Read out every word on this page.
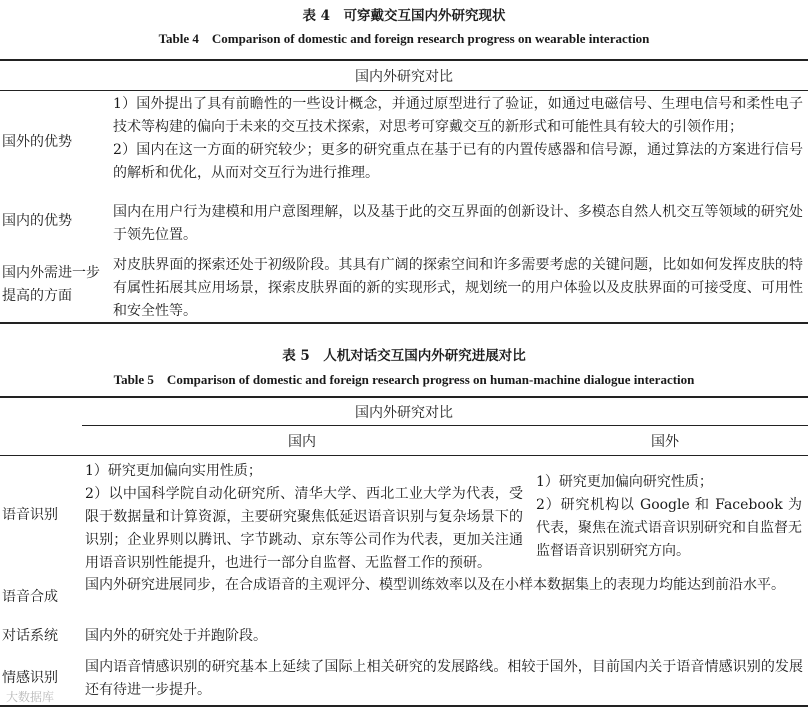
表 4　可穿戴交互国内外研究现状
Table 4　Comparison of domestic and foreign research progress on wearable interaction
国内外研究对比
国外的优势

1）国外提出了具有前瞻性的一些设计概念，并通过原型进行了验证，如通过电磁信号、生理电信号和柔性电子技术等构建的偏向于未来的交互技术探索，对思考可穿戴交互的新形式和可能性具有较大的引领作用；

2）国内在这一方面的研究较少；更多的研究重点在基于已有的内置传感器和信号源，通过算法的方案进行信号的解析和优化，从而对交互行为进行推理。

国内的优势

国内在用户行为建模和用户意图理解，以及基于此的交互界面的创新设计、多模态自然人机交互等领域的研究处于领先位置。

国内外需进一步提高的方面

对皮肤界面的探索还处于初级阶段。其具有广阔的探索空间和许多需要考虑的关键问题，比如如何发挥皮肤的特有属性拓展其应用场景，探索皮肤界面的新的实现形式，规划统一的用户体验以及皮肤界面的可接受度、可用性和安全性等。

表 5　人机对话交互国内外研究进展对比
Table 5　Comparison of domestic and foreign research progress on human-machine dialogue interaction
国内外研究对比
国内	国外
语音识别

1）研究更加偏向实用性质；

2）以中国科学院自动化研究所、清华大学、西北工业大学为代表，受限于数据量和计算资源，主要研究聚焦低延迟语音识别与复杂场景下的识别；企业界则以腾讯、字节跳动、京东等公司作为代表，更加关注通用语音识别性能提升，也进行一部分自监督、无监督工作的预研。

1）研究更加偏向研究性质；

2）研究机构以 Google 和 Facebook 为代表，聚焦在流式语音识别研究和自监督无监督语音识别研究方向。

语音合成
国内外研究进展同步，在合成语音的主观评分、模型训练效率以及在小样本数据集上的表现力均能达到前沿水平。
对话系统 国内外的研究处于并跑阶段。
情感识别
国内语音情感识别的研究基本上延续了国际上相关研究的发展路线。相较于国外，目前国内关于语音情感识别的发展还有待进一步提升。
大数据库
